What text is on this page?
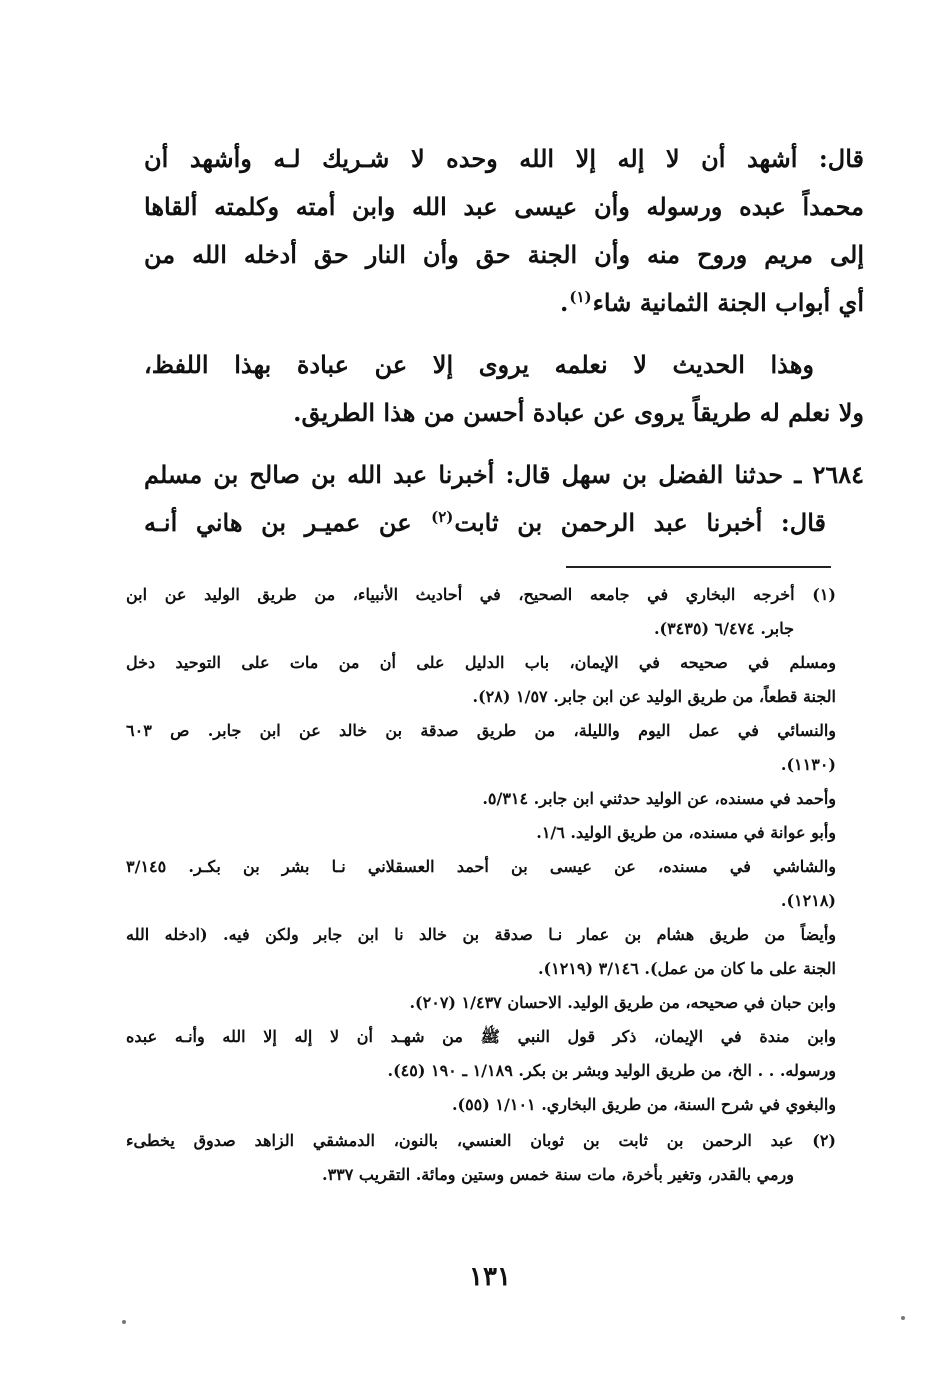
قال: أشهد أن لا إله إلا الله وحده لا شـريك لـه وأشهد أن
محمداً عبده ورسوله وأن عيسى عبد الله وابن أمته وكلمته ألقاها
إلى مريم وروح منه وأن الجنة حق وأن النار حق أدخله الله من
أي أبواب الجنة الثمانية شاء$^{(١)}$.
وهذا الحديث لا نعلمه يروى إلا عن عبادة بهذا اللفظ،
ولا نعلم له طريقاً يروى عن عبادة أحسن من هذا الطريق.
٢٦٨٤ ـ حدثنا الفضل بن سهل قال: أخبرنا عبد الله بن صالح بن مسلم
قال: أخبرنا عبد الرحمن بن ثابت$^{(٢)}$ عن عميـر بن هاني أنـه
(١) أخرجه البخاري في جامعه الصحيح، في أحاديث الأنبياء، من طريق الوليد عن ابن
جابر. ٦/٤٧٤ (٣٤٣٥).
ومسلم في صحيحه في الإيمان، باب الدليل على أن من مات على التوحيد دخل
الجنة قطعاً، من طريق الوليد عن ابن جابر. ١/٥٧ (٢٨).
والنسائي في عمل اليوم والليلة، من طريق صدقة بن خالد عن ابن جابر. ص ٦٠٣
(١١٣٠).
وأحمد في مسنده، عن الوليد حدثني ابن جابر. ٥/٣١٤.
وأبو عوانة في مسنده، من طريق الوليد. ١/٦.
والشاشي في مسنده، عن عيسى بن أحمد العسقلاني نـا بشر بن بكـر. ٣/١٤٥
(١٢١٨).
وأيضاً من طريق هشام بن عمار نـا صدقة بن خالد نا ابن جابر ولكن فيه. (ادخله الله
الجنة على ما كان من عمل). ٣/١٤٦ (١٢١٩).
وابن حبان في صحيحه، من طريق الوليد. الاحسان ١/٤٣٧ (٢٠٧).
وابن مندة في الإيمان، ذكر قول النبي ﷺ من شهـد أن لا إله إلا الله وأنـه عبده
ورسوله. . . الخ، من طريق الوليد وبشر بن بكر. ١/١٨٩ ـ ١٩٠ (٤٥).
والبغوي في شرح السنة، من طريق البخاري. ١/١٠١ (٥٥).
(٢) عبد الرحمن بن ثابت بن ثوبان العنسي، بالنون، الدمشقي الزاهد صدوق يخطىء
ورمي بالقدر، وتغير بأخرة، مات سنة خمس وستين ومائة. التقريب ٣٣٧.
١٣١
